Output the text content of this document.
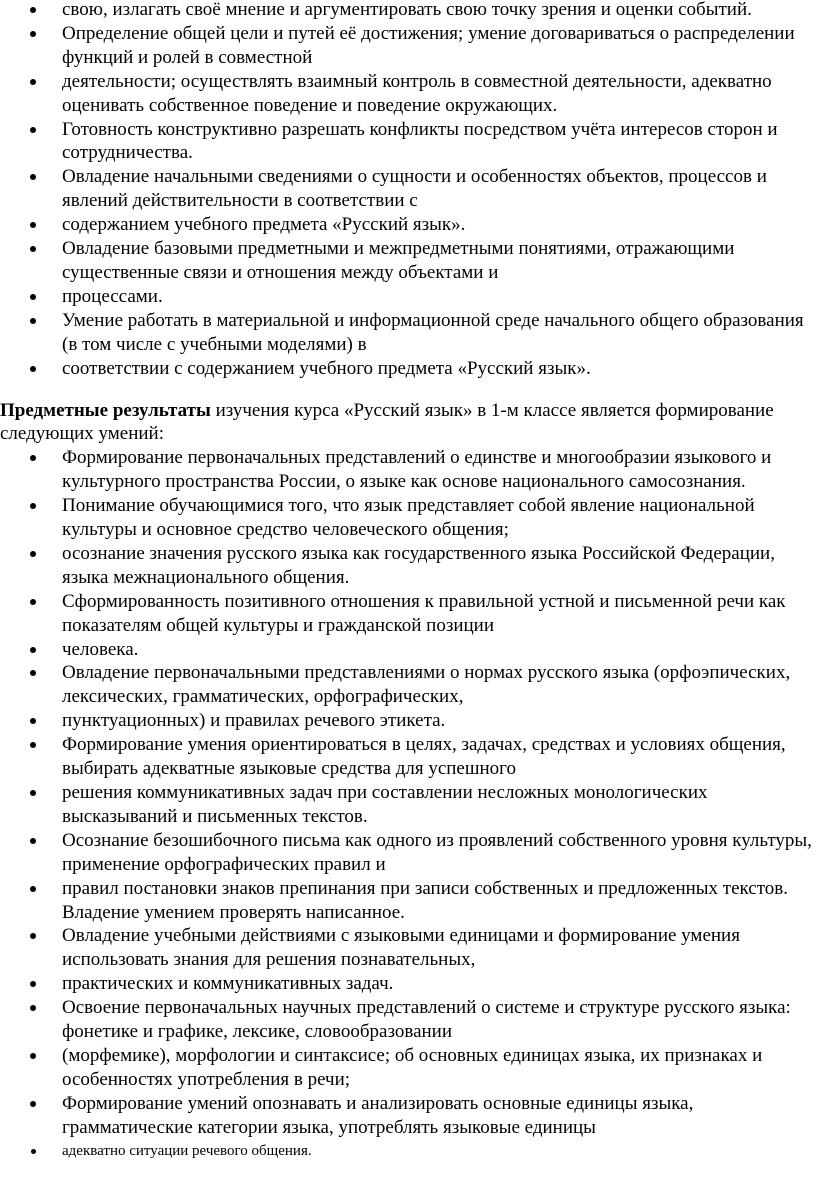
свою, излагать своё мнение и аргументировать свою точку зрения и оценки событий.
Определение общей цели и путей её достижения; умение договариваться о распределении функций и ролей в совместной
деятельности; осуществлять взаимный контроль в совместной деятельности, адекватно оценивать собственное поведение и поведение окружающих.
Готовность конструктивно разрешать конфликты посредством учёта интересов сторон и сотрудничества.
Овладение начальными сведениями о сущности и особенностях объектов, процессов и явлений действительности в соответствии с
содержанием учебного предмета «Русский язык».
Овладение базовыми предметными и межпредметными понятиями, отражающими существенные связи и отношения между объектами и
процессами.
Умение работать в материальной и информационной среде начального общего образования (в том числе с учебными моделями) в
соответствии с содержанием учебного предмета «Русский язык».

Предметные результаты изучения курса «Русский язык» в 1-м классе является формирование следующих умений:

Формирование первоначальных представлений о единстве и многообразии языкового и культурного пространства России, о языке как основе национального самосознания.
Понимание обучающимися того, что язык представляет собой явление национальной культуры и основное средство человеческого общения;
осознание значения русского языка как государственного языка Российской Федерации, языка межнационального общения.
Сформированность позитивного отношения к правильной устной и письменной речи как показателям общей культуры и гражданской позиции
человека.
Овладение первоначальными представлениями о нормах русского языка (орфоэпических, лексических, грамматических, орфографических,
пунктуационных) и правилах речевого этикета.
Формирование умения ориентироваться в целях, задачах, средствах и условиях общения, выбирать адекватные языковые средства для успешного
решения коммуникативных задач при составлении несложных монологических высказываний и письменных текстов.
Осознание безошибочного письма как одного из проявлений собственного уровня культуры, применение орфографических правил и
правил постановки знаков препинания при записи собственных и предложенных текстов. Владение умением проверять написанное.
Овладение учебными действиями с языковыми единицами и формирование умения использовать знания для решения познавательных,
практических и коммуникативных задач.
Освоение первоначальных научных представлений о системе и структуре русского языка: фонетике и графике, лексике, словообразовании
(морфемике), морфологии и синтаксисе; об основных единицах языка, их признаках и особенностях употребления в речи;
Формирование умений опознавать и анализировать основные единицы языка, грамматические категории языка, употреблять языковые единицы
адекватно ситуации речевого общения.
